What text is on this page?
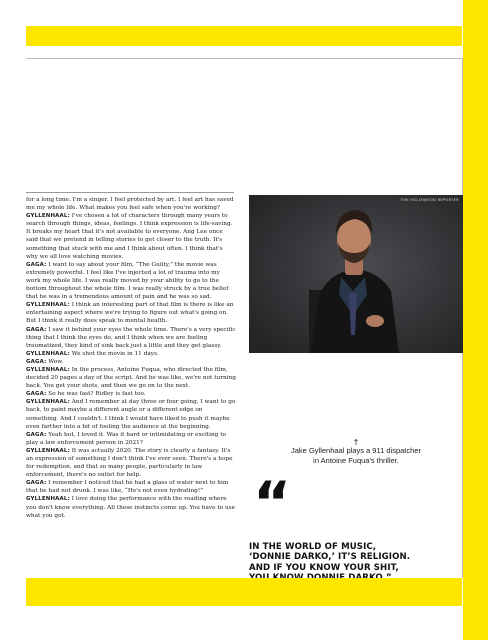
for a long time. I'm a singer. I feel protected by art. I feel art has saved me my whole life. What makes you feel safe when you're working?

GYLLENHAAL: I've chosen a lot of characters through many years to search through things, ideas, feelings. I think expression is life-saving. It breaks my heart that it's not available to everyone. Ang Lee once said that we pretend in telling stories to get closer to the truth. It's something that stuck with me and I think about often. I think that's why we all love watching movies.

GAGA: I want to say about your film, “The Guilty,” the movie was extremely powerful. I feel like I've injected a lot of trauma into my work my whole life. I was really moved by your ability to go to the bottom throughout the whole film. I was really struck by a true belief that he was in a tremendous amount of pain and he was so sad.

GYLLENHAAL: I think an interesting part of that film is there is like an entertaining aspect where we're trying to figure out what's going on. But I think it really does speak to mental health.

GAGA: I saw it behind your eyes the whole time. There's a very specific thing that I think the eyes do, and I think when we are feeling traumatized, they kind of sink back just a little and they get glassy.

GYLLENHAAL: We shot the movie in 11 days.

GAGA: Wow.

GYLLENHAAL: In the process, Antoine Fuqua, who directed the film, decided 20 pages a day of the script. And he was like, we're not turning back. You get your shots, and then we go on to the next.

GAGA: So he was fast? Ridley is fast too.

GYLLENHAAL: And I remember at day three or four going, I want to go back, to paint maybe a different angle or a different edge on something. And I couldn't. I think I would have liked to push it maybe even farther into a bit of fooling the audience at the beginning.

GAGA: Yeah but, I loved it. Was it hard or intimidating or exciting to play a law enforcement person in 2021?

GYLLENHAAL: It was actually 2020. The story is clearly a fantasy. It's an expression of something I don't think I've ever seen. There's a hope for redemption, and that so many people, particularly in law enforcement, there's no outlet for help.

GAGA: I remember I noticed that he had a glass of water next to him that he had not drunk. I was like, “He's not even hydrating!”

GYLLENHAAL: I love doing the performance with the reading where you don't know everything. All these instincts come up. You have to use what you got.

THE HOLLYWOOD REPORTER
↑
Jake Gyllenhaal plays a 911 dispatcher
in Antoine Fuqua's thriller.
“
IN THE WORLD OF MUSIC,
‘DONNIE DARKO,’ IT’S RELIGION.
AND IF YOU KNOW YOUR SHIT,
